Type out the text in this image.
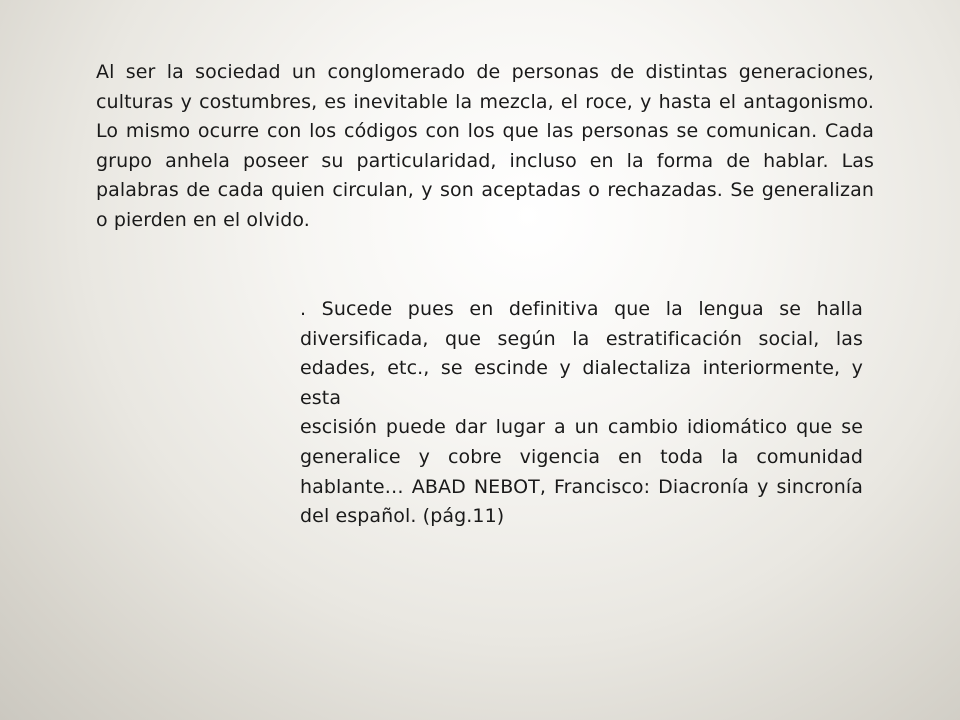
Al ser la sociedad un conglomerado de personas de distintas generaciones, culturas y costumbres, es inevitable la mezcla, el roce, y hasta el antagonismo. Lo mismo ocurre con los códigos con los que las personas se comunican. Cada grupo anhela poseer su particularidad, incluso en la forma de hablar. Las palabras de cada quien circulan, y son aceptadas o rechazadas. Se generalizan o pierden en el olvido.

. Sucede pues en definitiva que la lengua se halla diversificada, que según la estratificación social, las edades, etc., se escinde y dialectaliza interiormente, y esta

escisión puede dar lugar a un cambio idiomático que se generalice y cobre vigencia en toda la comunidad hablante… ABAD NEBOT, Francisco: Diacronía y sincronía del español. (pág.11)
